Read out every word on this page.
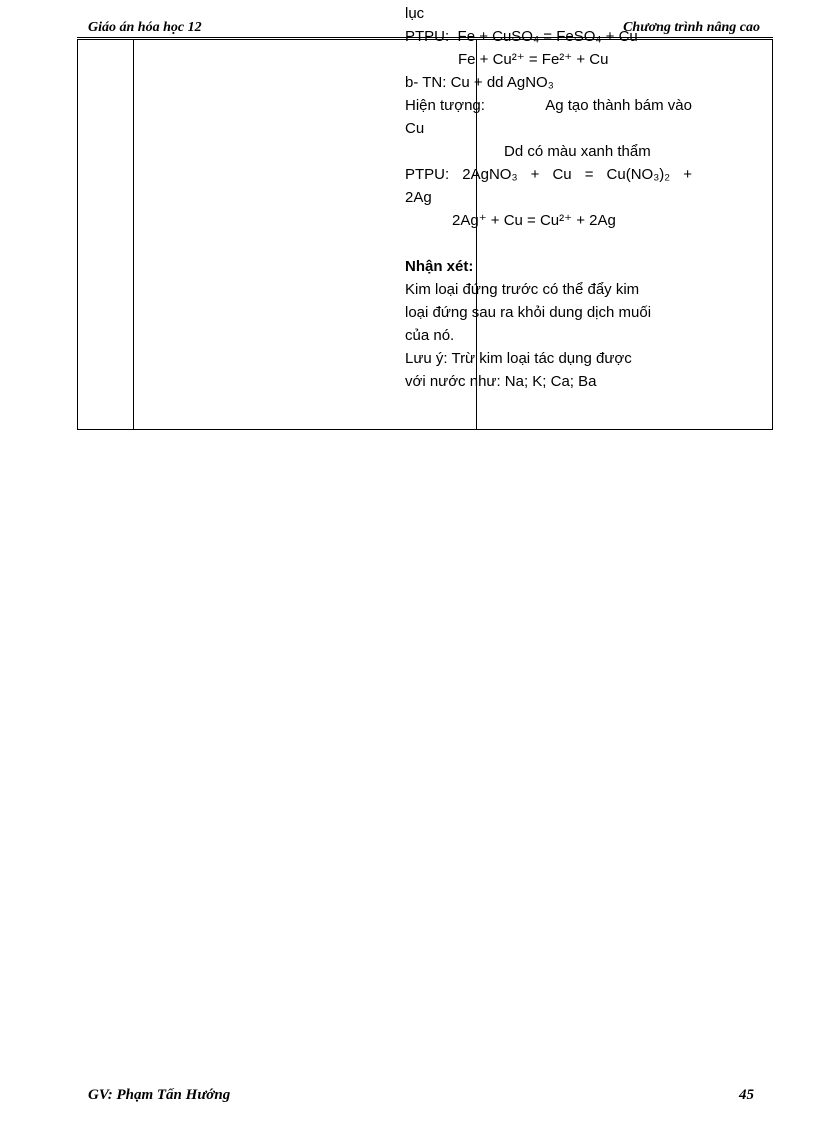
Giáo án hóa học 12	Chương trình nâng cao
lục
PTPU: Fe + CuSO₄ = FeSO₄ + Cu
Fe + Cu²⁺ = Fe²⁺ + Cu
b- TN: Cu + dd AgNO₃
Hiện tượng:	Ag tạo thành bám vào
Cu
Dd có màu xanh thẩm
PTPU: 2AgNO₃ + Cu = Cu(NO₃)₂ +
2Ag
2Ag⁺ + Cu = Cu²⁺ + 2Ag
Nhận xét:
Kim loại đứng trước có thể đẩy kim
loại đứng sau ra khỏi dung dịch muối
của nó.
Lưu ý: Trừ kim loại tác dụng được
với nước như: Na; K; Ca; Ba
GV: Phạm Tấn Hướng	45
